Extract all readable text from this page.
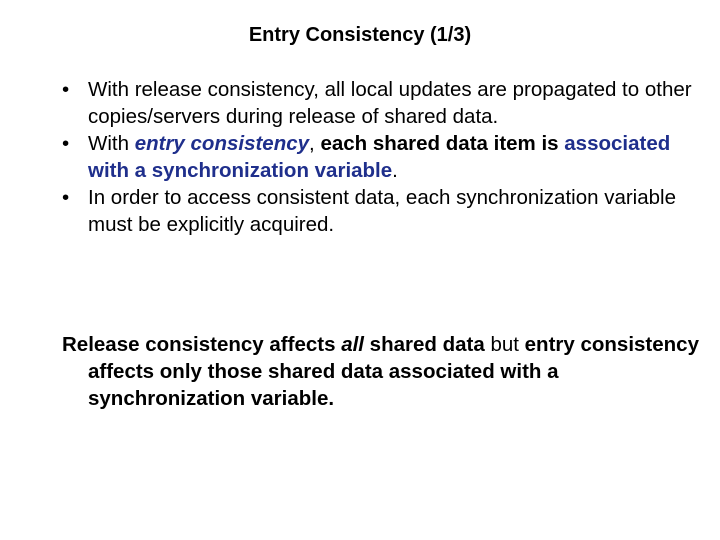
Entry Consistency (1/3)
• With release consistency, all local updates are propagated to other copies/servers during release of shared data.
• With entry consistency, each shared data item is associated with a synchronization variable.
• In order to access consistent data, each synchronization variable must be explicitly acquired.
Release consistency affects all shared data but entry consistency affects only those shared data associated with a synchronization variable.
